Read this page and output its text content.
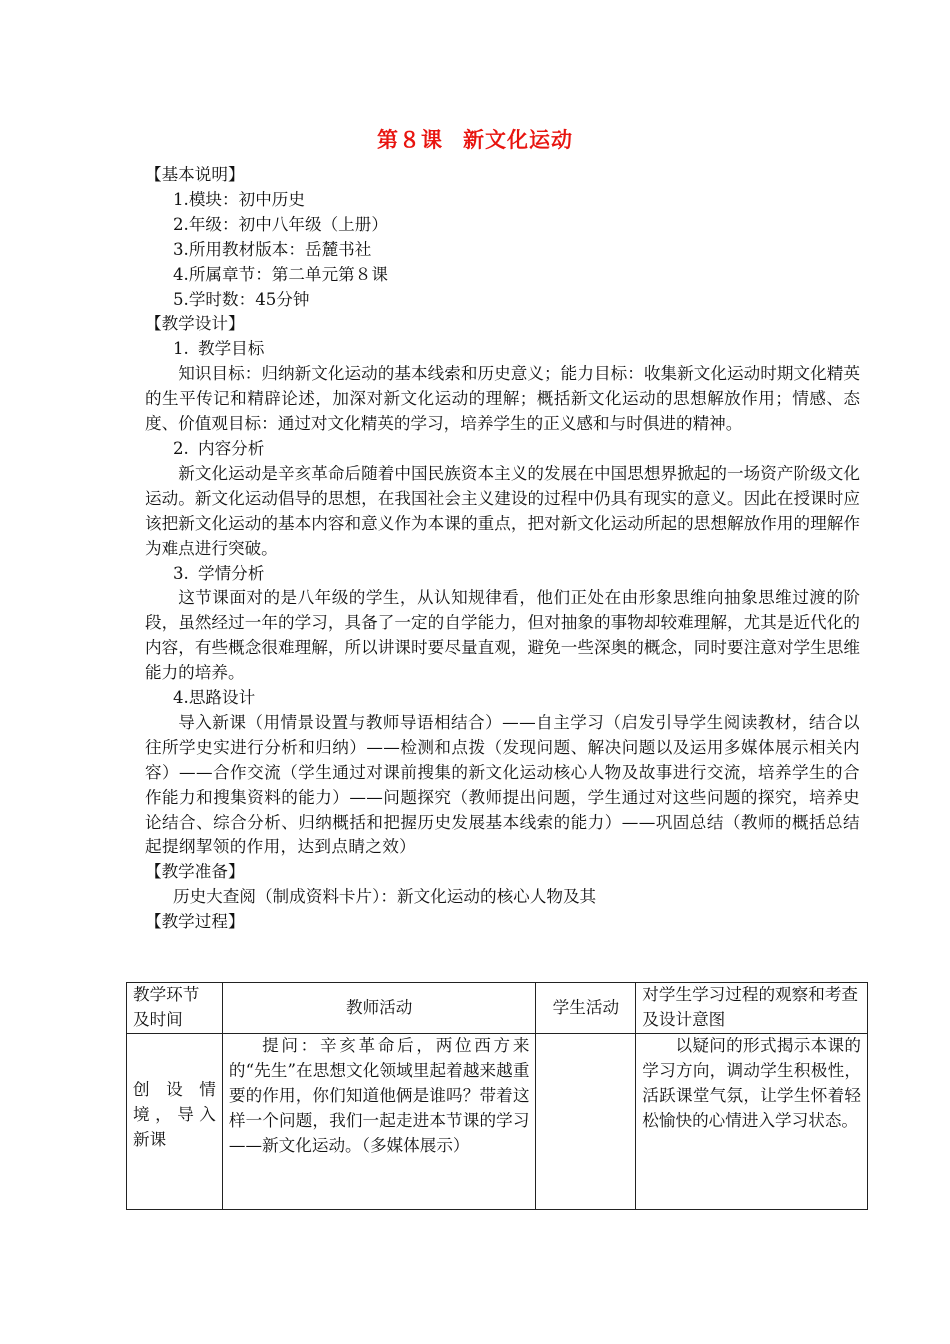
第８课 新文化运动
【基本说明】
1.模块：初中历史
2.年级：初中八年级（上册）
3.所用教材版本：岳麓书社
4.所属章节：第二单元第８课
5.学时数：45分钟
【教学设计】
1. 教学目标
知识目标：归纳新文化运动的基本线索和历史意义；能力目标：收集新文化运动时期文化精英的生平传记和精辟论述，加深对新文化运动的理解；概括新文化运动的思想解放作用；情感、态度、价值观目标：通过对文化精英的学习，培养学生的正义感和与时俱进的精神。
2. 内容分析
新文化运动是辛亥革命后随着中国民族资本主义的发展在中国思想界掀起的一场资产阶级文化运动。新文化运动倡导的思想，在我国社会主义建设的过程中仍具有现实的意义。因此在授课时应该把新文化运动的基本内容和意义作为本课的重点，把对新文化运动所起的思想解放作用的理解作为难点进行突破。
3. 学情分析
这节课面对的是八年级的学生，从认知规律看，他们正处在由形象思维向抽象思维过渡的阶段，虽然经过一年的学习，具备了一定的自学能力，但对抽象的事物却较难理解，尤其是近代化的内容，有些概念很难理解，所以讲课时要尽量直观，避免一些深奥的概念，同时要注意对学生思维能力的培养。
4.思路设计
导入新课（用情景设置与教师导语相结合）——自主学习（启发引导学生阅读教材，结合以往所学史实进行分析和归纳）——检测和点拨（发现问题、解决问题以及运用多媒体展示相关内容）——合作交流（学生通过对课前搜集的新文化运动核心人物及故事进行交流，培养学生的合作能力和搜集资料的能力）——问题探究（教师提出问题，学生通过对这些问题的探究，培养史论结合、综合分析、归纳概括和把握历史发展基本线索的能力）——巩固总结（教师的概括总结起提纲挈领的作用，达到点睛之效）
【教学准备】
历史大查阅（制成资料卡片）：新文化运动的核心人物及其
【教学过程】
教学环节及时间	教师活动	学生活动	对学生学习过程的观察和考查及设计意图
创设情境，导入新课	提问：辛亥革命后，两位西方来的“先生”在思想文化领域里起着越来越重要的作用，你们知道他俩是谁吗？带着这样一个问题，我们一起走进本节课的学习——新文化运动。（多媒体展示）		以疑问的形式揭示本课的学习方向，调动学生积极性，活跃课堂气氛，让学生怀着轻松愉快的心情进入学习状态。
